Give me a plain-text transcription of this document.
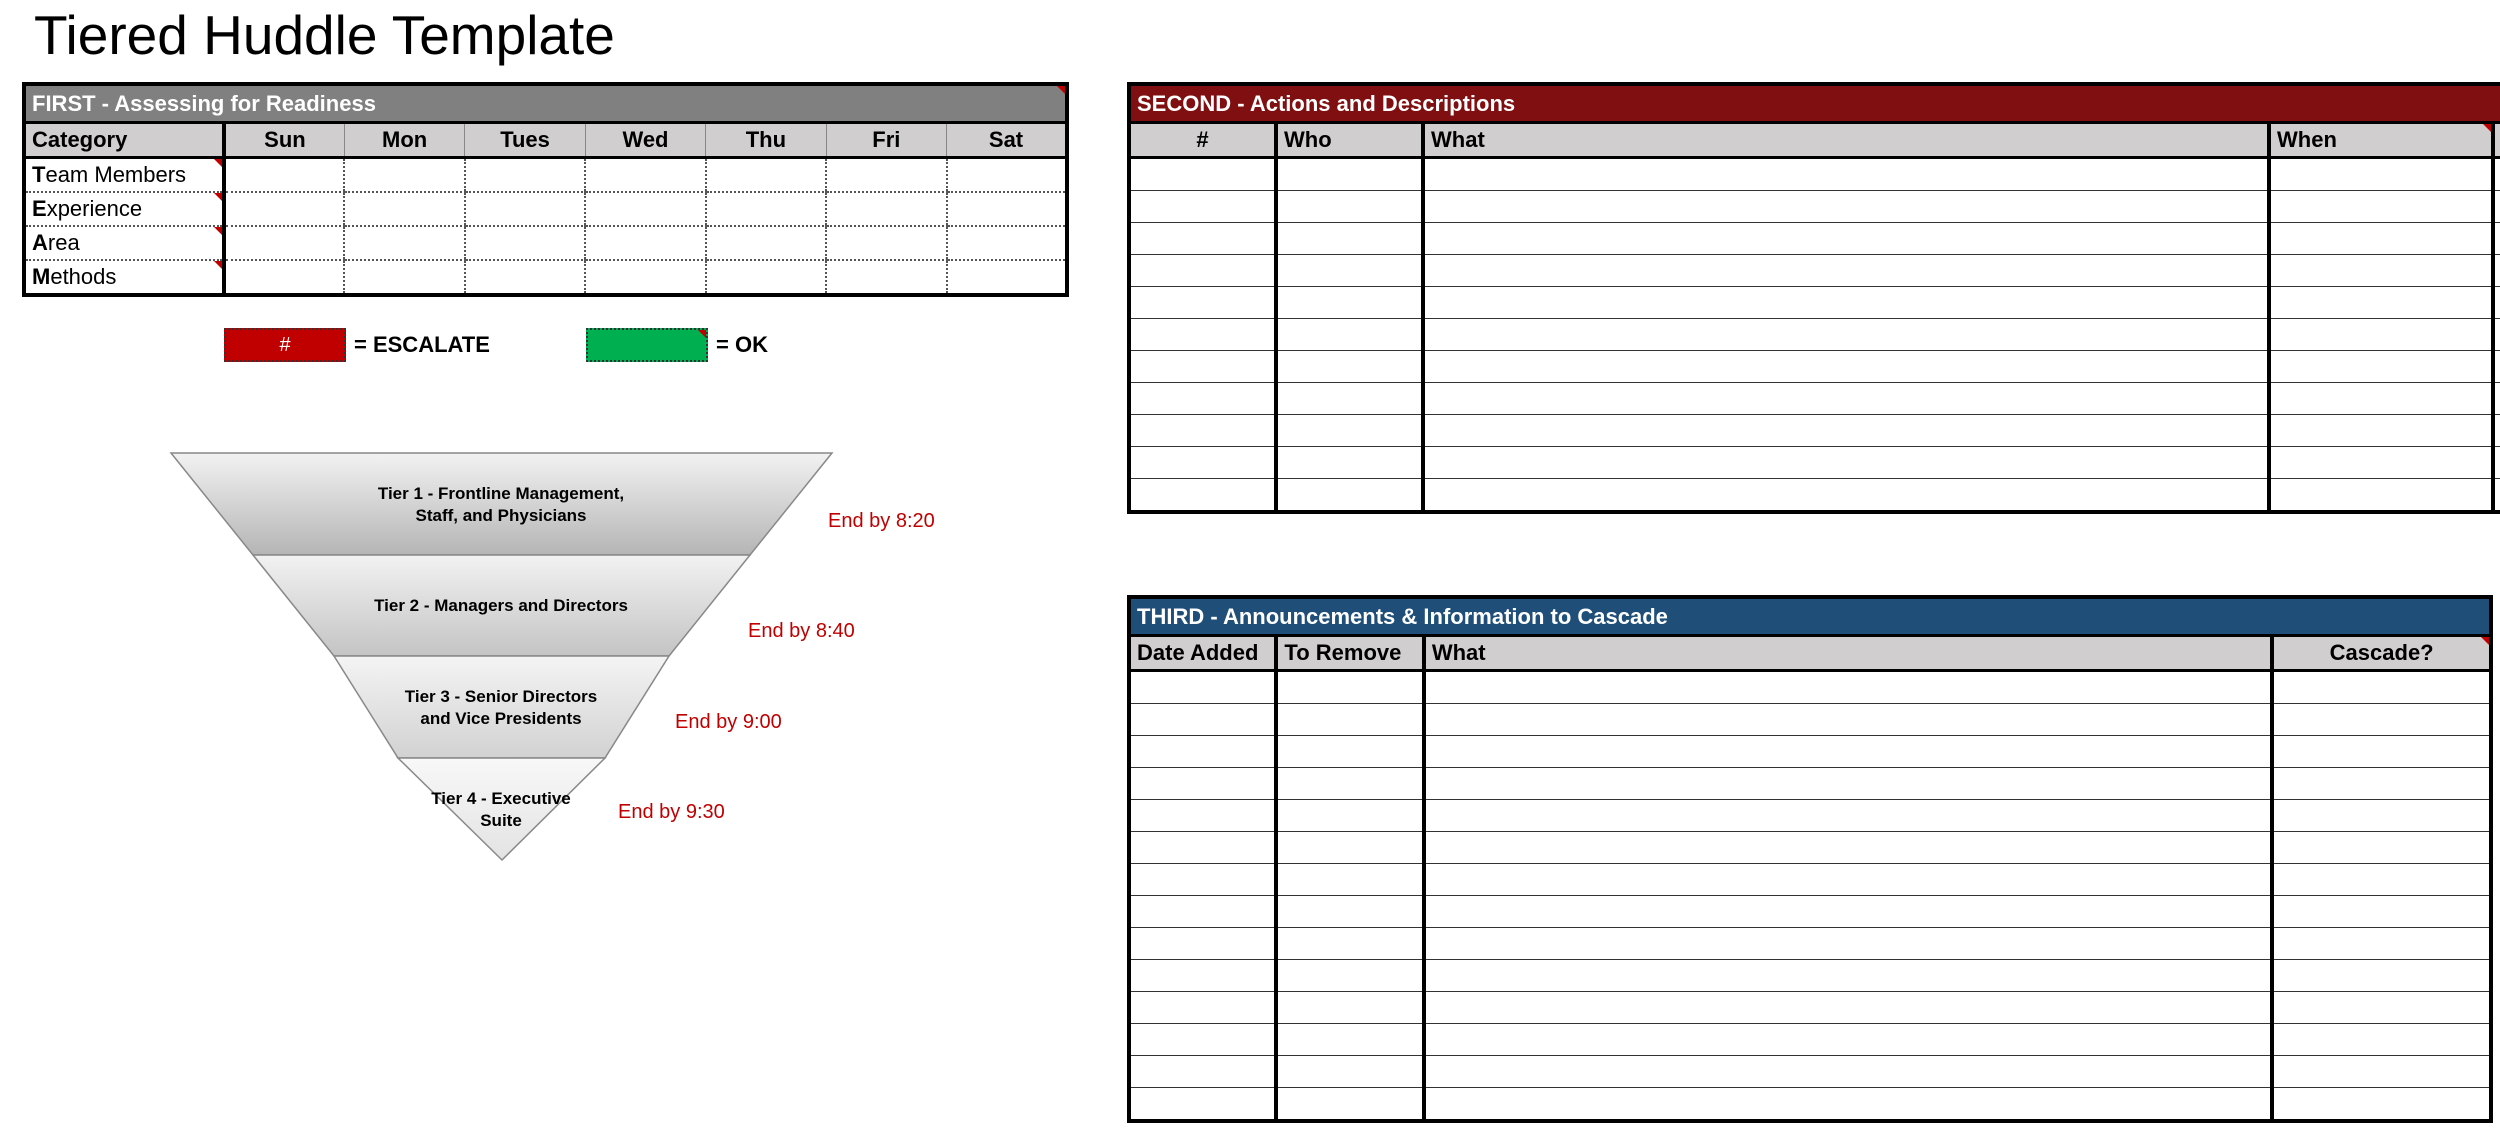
Tiered Huddle Template
FIRST - Assessing for Readiness							

Category	Sun	Mon	Tues	Wed	Thu	Fri	Sat
Team Members

Experience

Area

Methods

#	= ESCALATE	= OK
Tier 1 - Frontline Management,
Staff, and Physicians
Tier 2 - Managers and Directors
Tier 3 - Senior Directors
and Vice Presidents
Tier 4 - Executive
Suite
End by 8:20
End by 8:40
End by 9:00
End by 9:30
SECOND - Actions and Descriptions				
#	Who	What	When

THIRD - Announcements & Information to Cascade			
Date Added	To Remove	What	Cascade?
